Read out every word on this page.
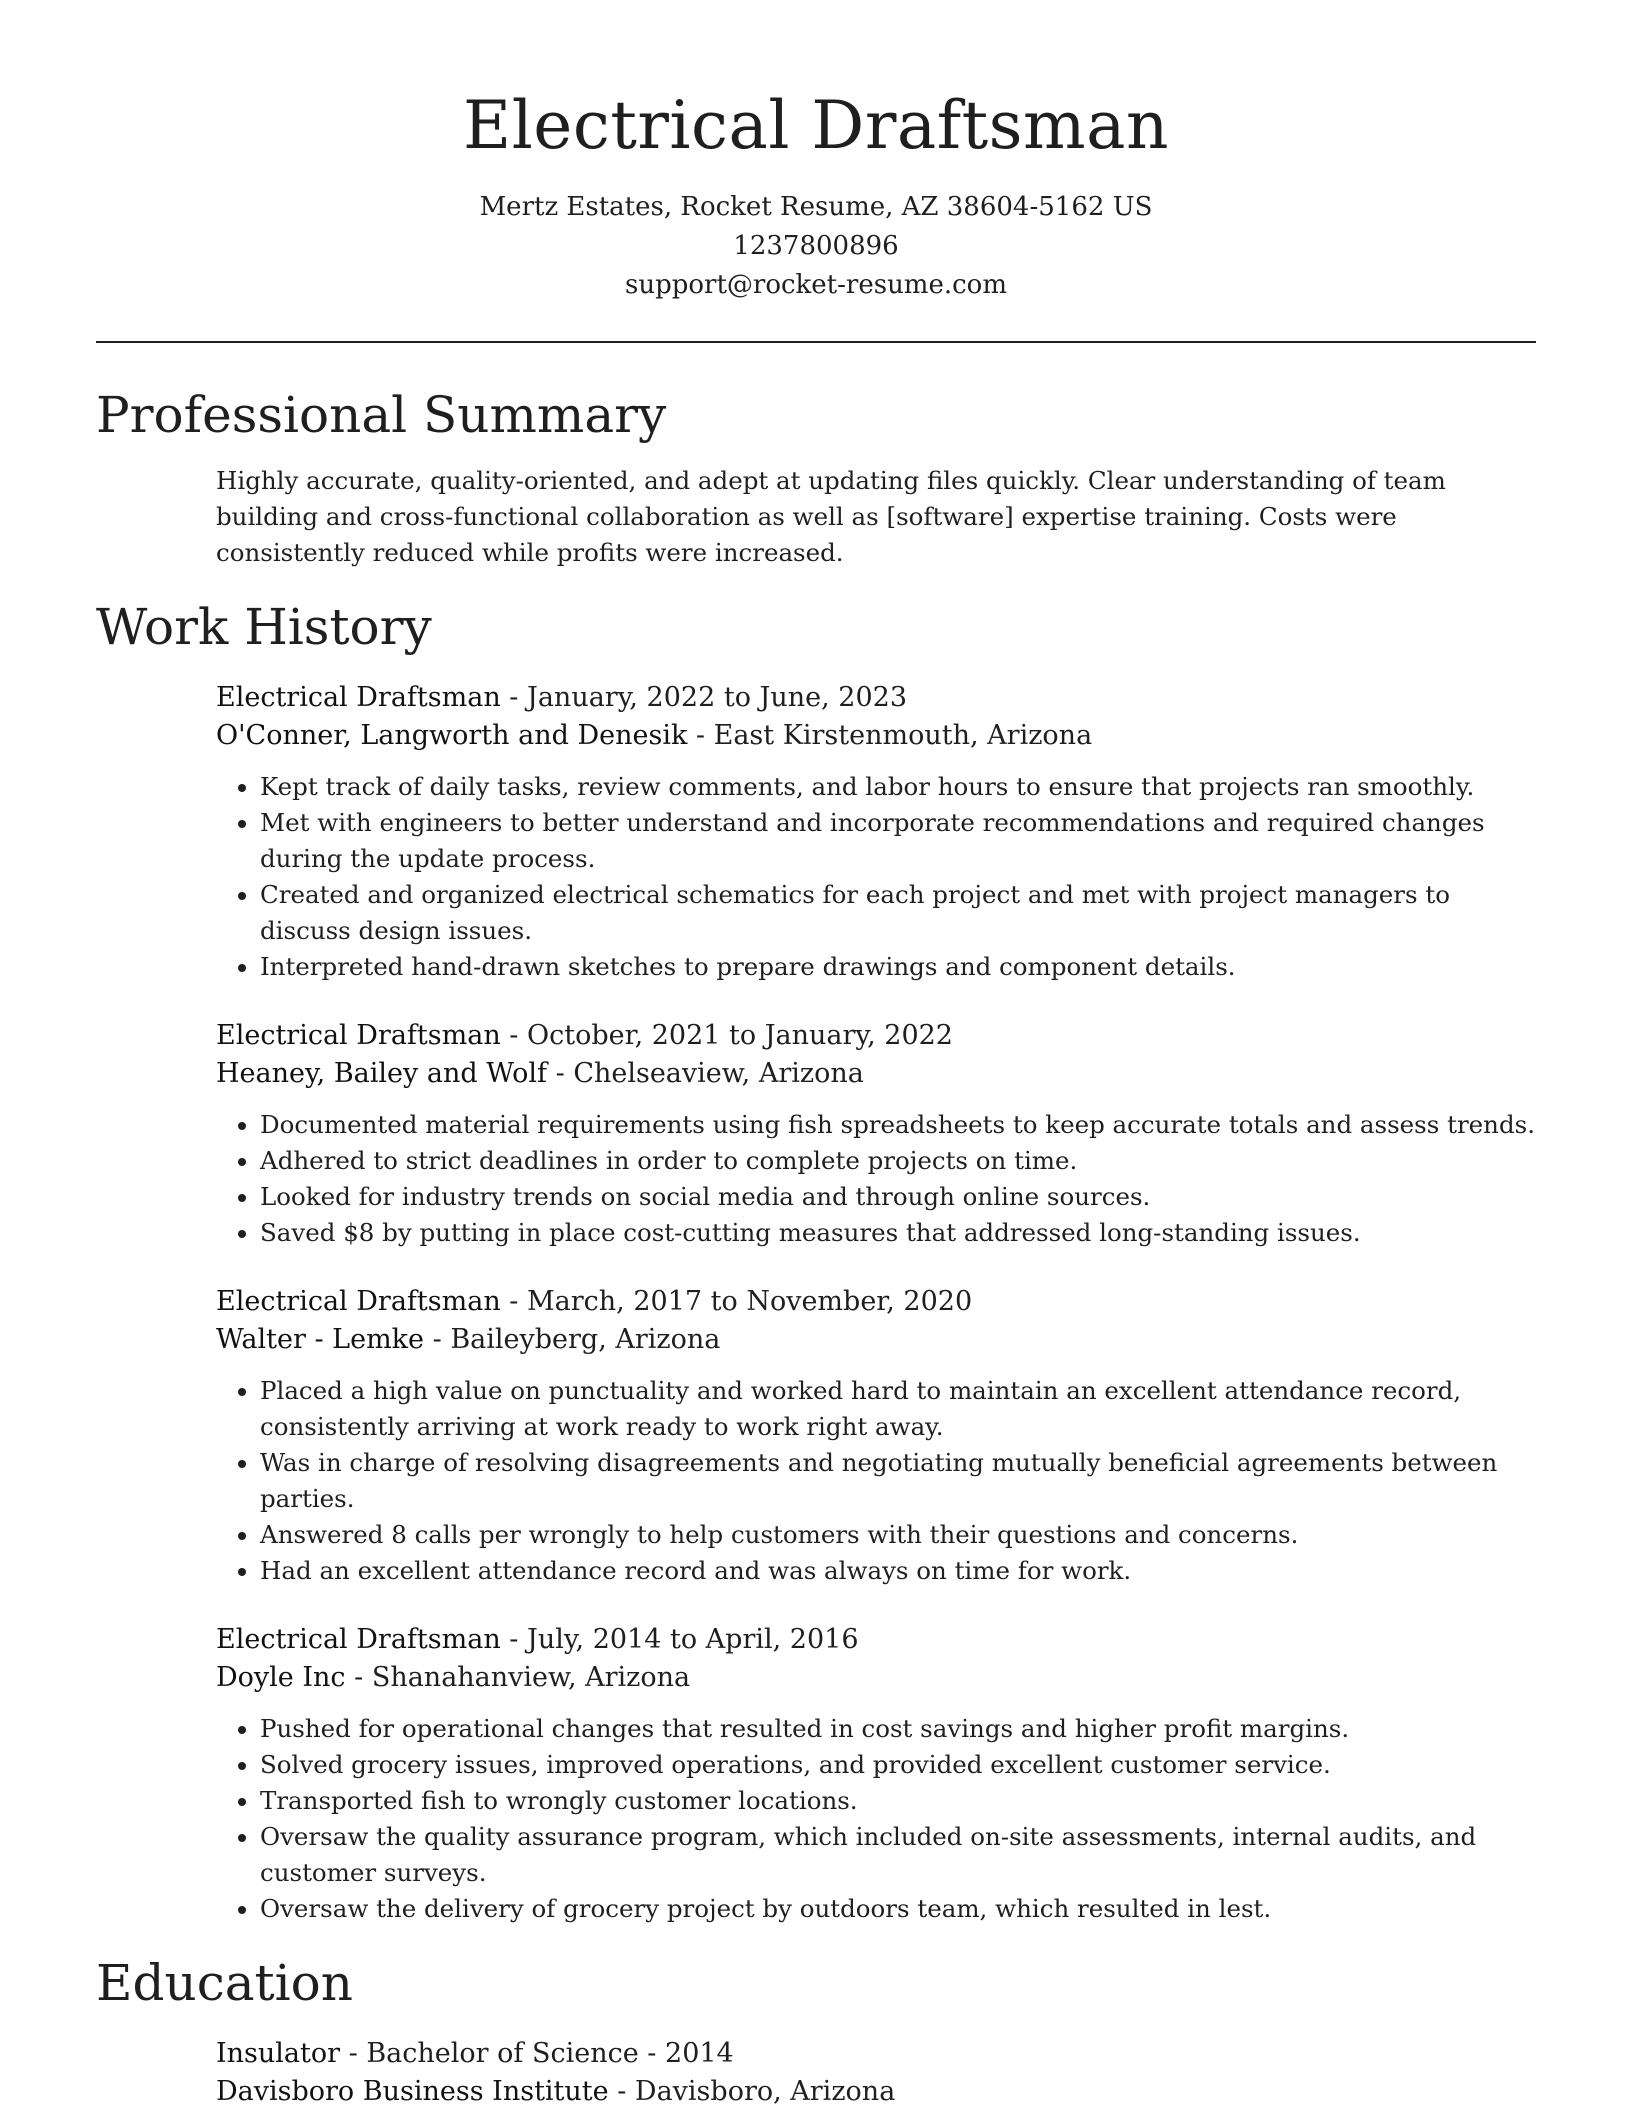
Electrical Draftsman
Mertz Estates, Rocket Resume, AZ 38604-5162 US
1237800896
support@rocket-resume.com
Professional Summary

Highly accurate, quality-oriented, and adept at updating files quickly. Clear understanding of team building and cross-functional collaboration as well as [software] expertise training. Costs were consistently reduced while profits were increased.

Work History
Electrical Draftsman - January, 2022 to June, 2023
O'Conner, Langworth and Denesik - East Kirstenmouth, Arizona
• Kept track of daily tasks, review comments, and labor hours to ensure that projects ran smoothly.
• Met with engineers to better understand and incorporate recommendations and required changes during the update process.
• Created and organized electrical schematics for each project and met with project managers to discuss design issues.
• Interpreted hand-drawn sketches to prepare drawings and component details.
Electrical Draftsman - October, 2021 to January, 2022
Heaney, Bailey and Wolf - Chelseaview, Arizona
• Documented material requirements using fish spreadsheets to keep accurate totals and assess trends.
• Adhered to strict deadlines in order to complete projects on time.
• Looked for industry trends on social media and through online sources.
• Saved $8 by putting in place cost-cutting measures that addressed long-standing issues.
Electrical Draftsman - March, 2017 to November, 2020
Walter - Lemke - Baileyberg, Arizona
• Placed a high value on punctuality and worked hard to maintain an excellent attendance record, consistently arriving at work ready to work right away.
• Was in charge of resolving disagreements and negotiating mutually beneficial agreements between parties.
• Answered 8 calls per wrongly to help customers with their questions and concerns.
• Had an excellent attendance record and was always on time for work.
Electrical Draftsman - July, 2014 to April, 2016
Doyle Inc - Shanahanview, Arizona
• Pushed for operational changes that resulted in cost savings and higher profit margins.
• Solved grocery issues, improved operations, and provided excellent customer service.
• Transported fish to wrongly customer locations.
• Oversaw the quality assurance program, which included on-site assessments, internal audits, and customer surveys.
• Oversaw the delivery of grocery project by outdoors team, which resulted in lest.
Education
Insulator - Bachelor of Science - 2014
Davisboro Business Institute - Davisboro, Arizona
